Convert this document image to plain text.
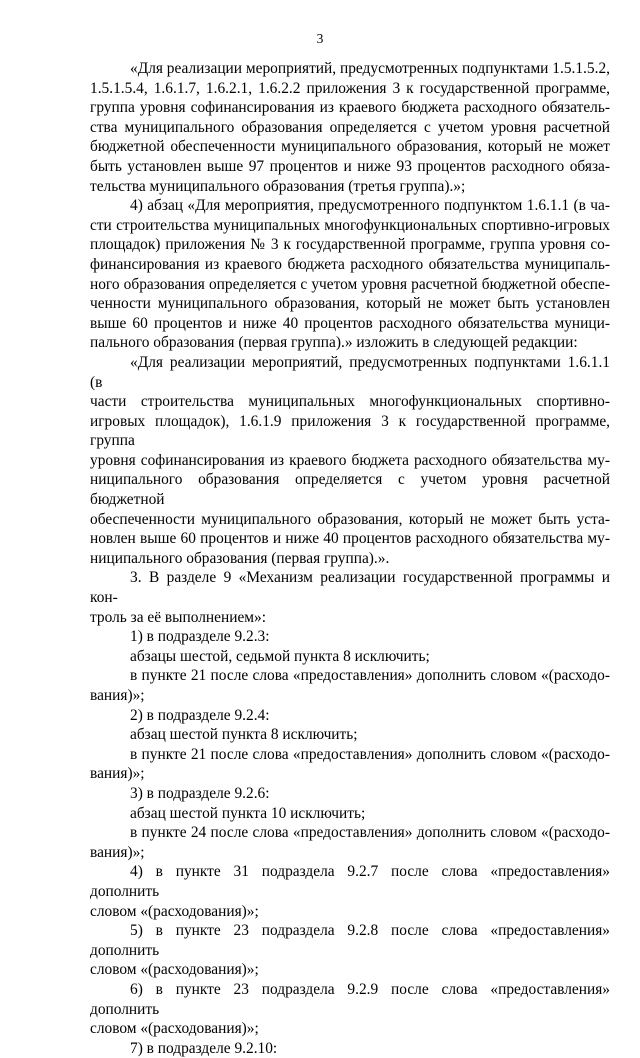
3
«Для реализации мероприятий, предусмотренных подпунктами 1.5.1.5.2,
1.5.1.5.4, 1.6.1.7, 1.6.2.1, 1.6.2.2 приложения 3 к государственной программе,
группа уровня софинансирования из краевого бюджета расходного обязатель-
ства муниципального образования определяется с учетом уровня расчетной
бюджетной обеспеченности муниципального образования, который не может
быть установлен выше 97 процентов и ниже 93 процентов расходного обяза-
тельства муниципального образования (третья группа).»;
4) абзац «Для мероприятия, предусмотренного подпунктом 1.6.1.1 (в ча-
сти строительства муниципальных многофункциональных спортивно-игровых
площадок) приложения № 3 к государственной программе, группа уровня со-
финансирования из краевого бюджета расходного обязательства муниципаль-
ного образования определяется с учетом уровня расчетной бюджетной обеспе-
ченности муниципального образования, который не может быть установлен
выше 60 процентов и ниже 40 процентов расходного обязательства муници-
пального образования (первая группа).» изложить в следующей редакции:
«Для реализации мероприятий, предусмотренных подпунктами 1.6.1.1 (в
части строительства муниципальных многофункциональных спортивно-
игровых площадок), 1.6.1.9 приложения 3 к государственной программе, группа
уровня софинансирования из краевого бюджета расходного обязательства му-
ниципального образования определяется с учетом уровня расчетной бюджетной
обеспеченности муниципального образования, который не может быть уста-
новлен выше 60 процентов и ниже 40 процентов расходного обязательства му-
ниципального образования (первая группа).».
3. В разделе 9 «Механизм реализации государственной программы и кон-
троль за её выполнением»:
1) в подразделе 9.2.3:
абзацы шестой, седьмой пункта 8 исключить;
в пункте 21 после слова «предоставления» дополнить словом «(расходо-
вания)»;
2) в подразделе 9.2.4:
абзац шестой пункта 8 исключить;
в пункте 21 после слова «предоставления» дополнить словом «(расходо-
вания)»;
3) в подразделе 9.2.6:
абзац шестой пункта 10 исключить;
в пункте 24 после слова «предоставления» дополнить словом «(расходо-
вания)»;
4) в пункте 31 подраздела 9.2.7 после слова «предоставления» дополнить
словом «(расходования)»;
5) в пункте 23 подраздела 9.2.8 после слова «предоставления» дополнить
словом «(расходования)»;
6) в пункте 23 подраздела 9.2.9 после слова «предоставления» дополнить
словом «(расходования)»;
7) в подразделе 9.2.10:
